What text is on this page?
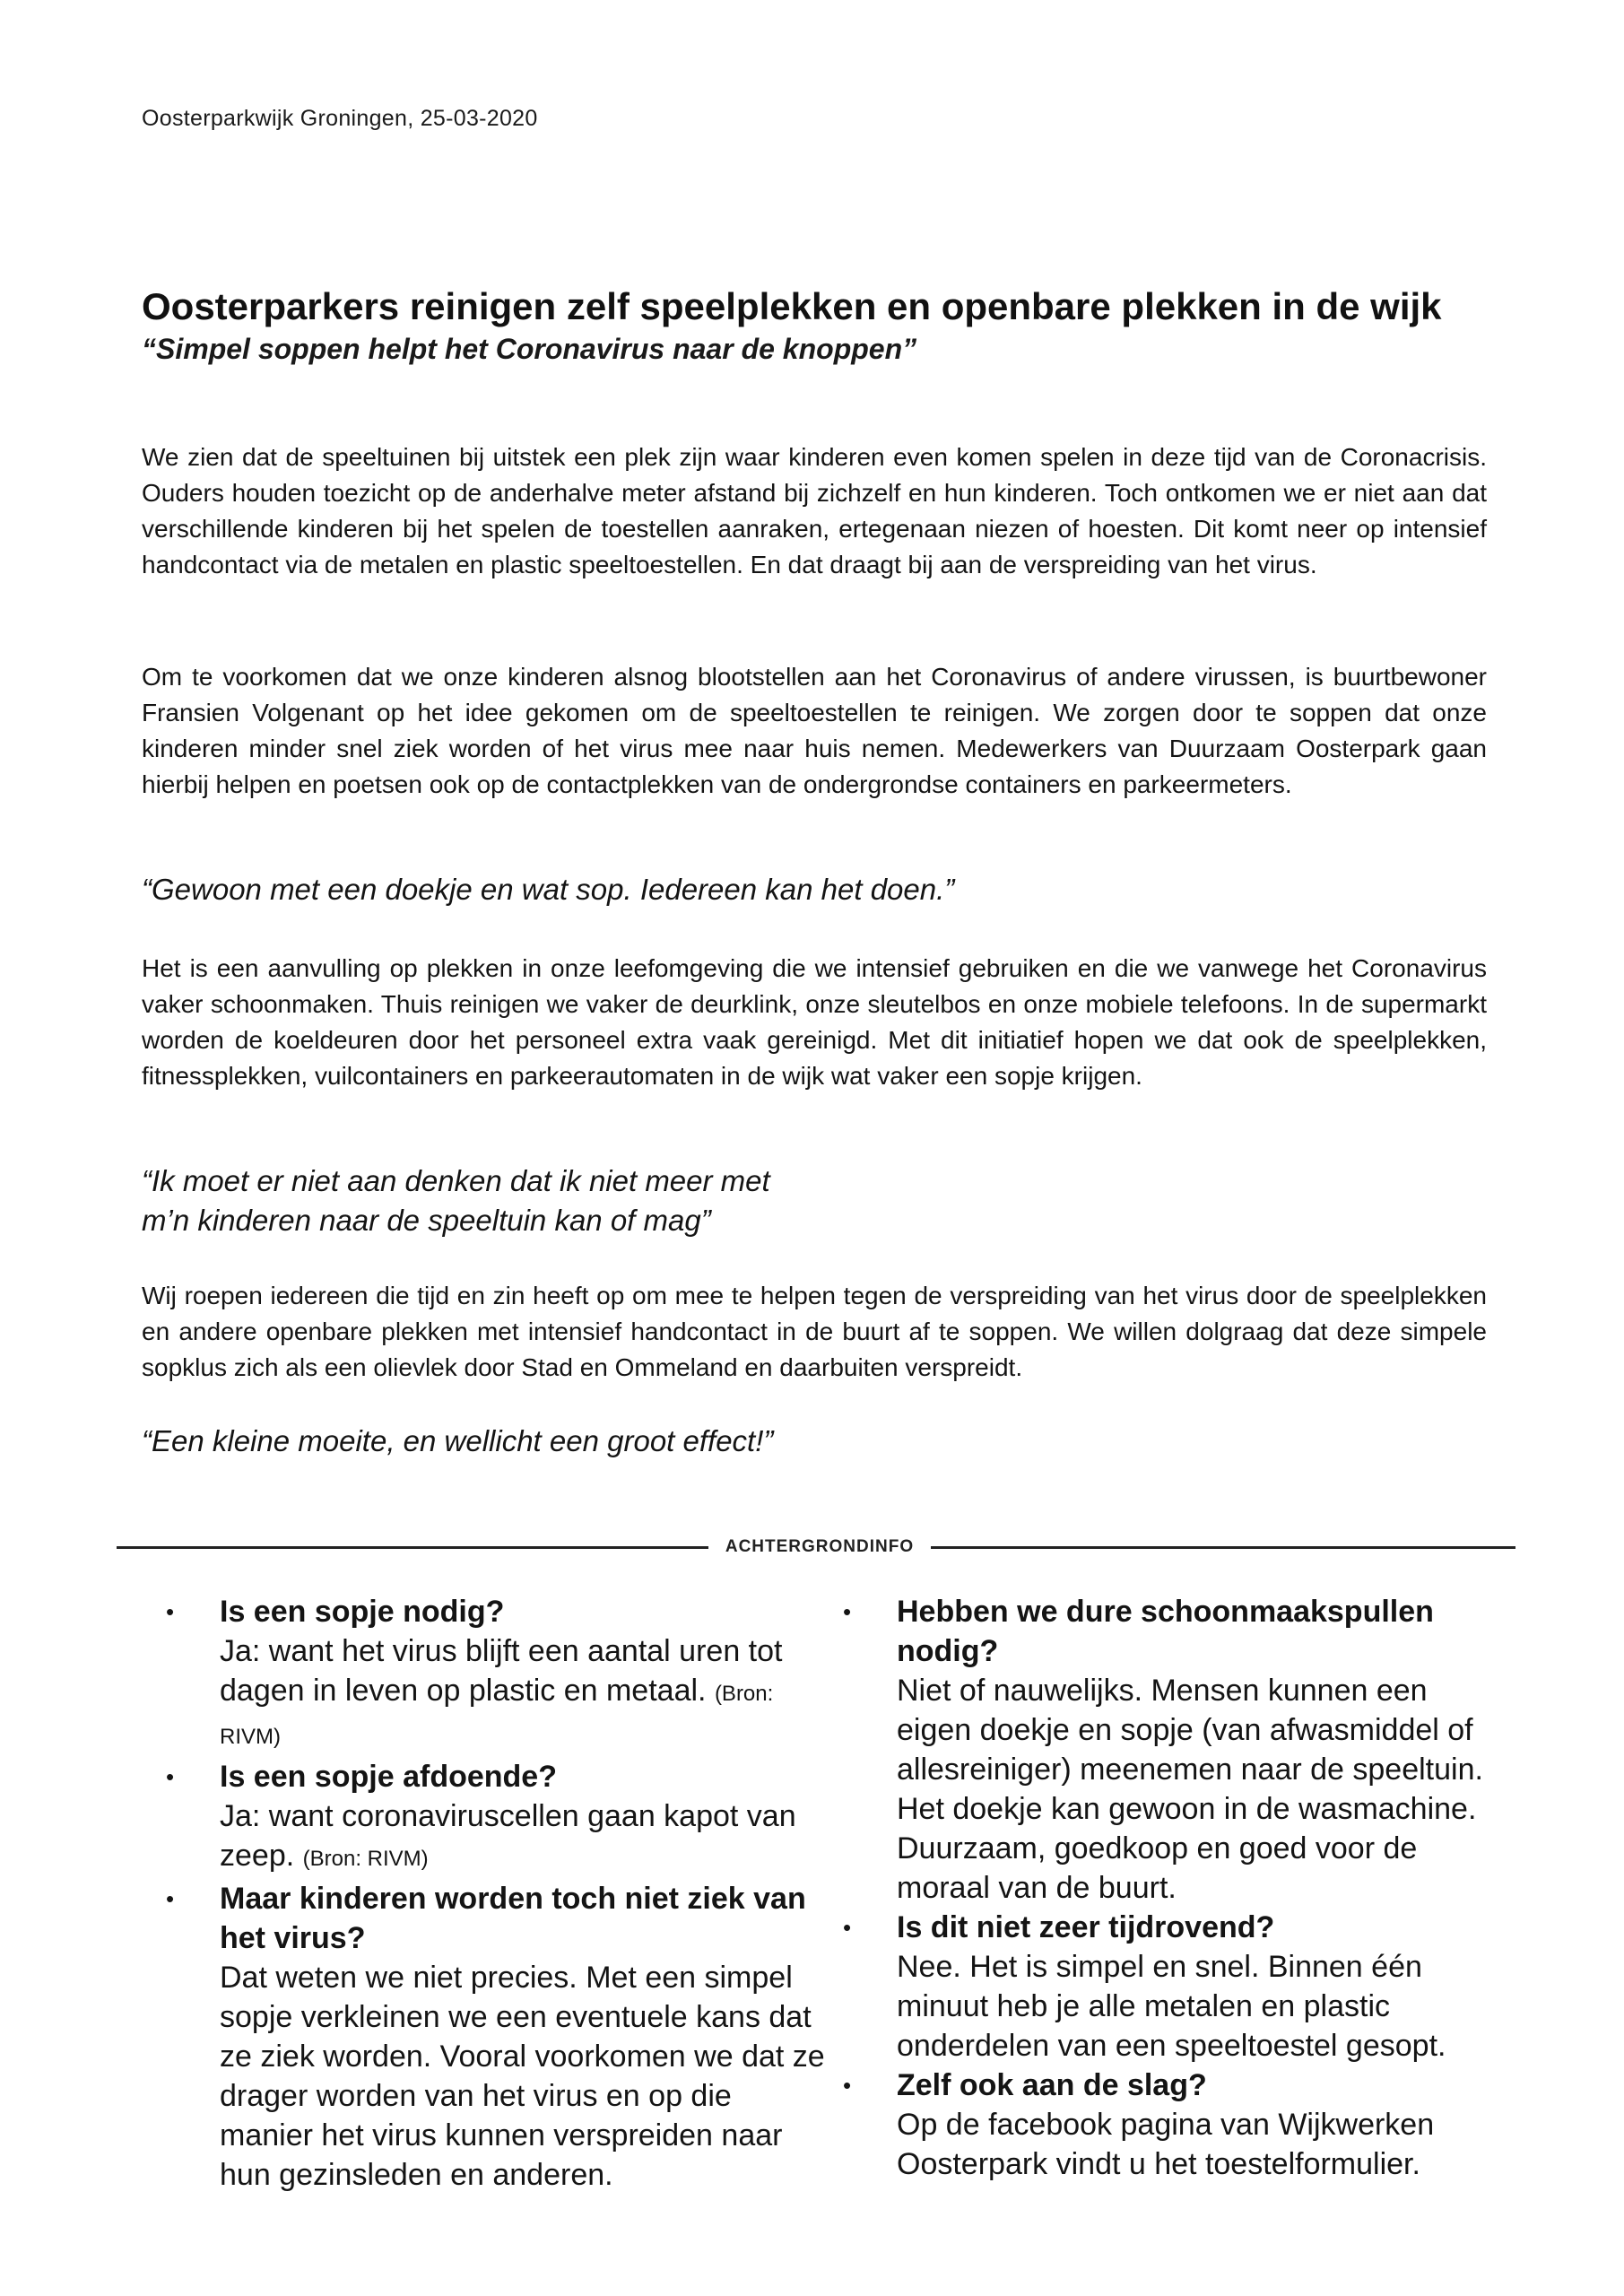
Oosterparkwijk Groningen, 25-03-2020
Oosterparkers reinigen zelf speelplekken en openbare plekken in de wijk
“Simpel soppen helpt het Coronavirus naar de knoppen”

We zien dat de speeltuinen bij uitstek een plek zijn waar kinderen even komen spelen in deze tijd van de Coronacrisis. Ouders houden toezicht op de anderhalve meter afstand bij zichzelf en hun kinderen. Toch ontkomen we er niet aan dat verschillende kinderen bij het spelen de toestellen aanraken, ertegenaan niezen of hoesten. Dit komt neer op intensief handcontact via de metalen en plastic speeltoestellen. En dat draagt bij aan de verspreiding van het virus.

Om te voorkomen dat we onze kinderen alsnog blootstellen aan het Coronavirus of andere virussen, is buurtbewoner Fransien Volgenant op het idee gekomen om de speeltoestellen te reinigen. We zorgen door te soppen dat onze kinderen minder snel ziek worden of het virus mee naar huis nemen. Medewerkers van Duurzaam Oosterpark gaan hierbij helpen en poetsen ook op de contactplekken van de ondergrondse containers en parkeermeters.

“Gewoon met een doekje en wat sop. Iedereen kan het doen.”

Het is een aanvulling op plekken in onze leefomgeving die we intensief gebruiken en die we vanwege het Coronavirus vaker schoonmaken. Thuis reinigen we vaker de deurklink, onze sleutelbos en onze mobiele telefoons. In de supermarkt worden de koeldeuren door het personeel extra vaak gereinigd. Met dit initiatief hopen we dat ook de speelplekken, fitnessplekken, vuilcontainers en parkeerautomaten in de wijk wat vaker een sopje krijgen.

“Ik moet er niet aan denken dat ik niet meer met
m’n kinderen naar de speeltuin kan of mag”

Wij roepen iedereen die tijd en zin heeft op om mee te helpen tegen de verspreiding van het virus door de speelplekken en andere openbare plekken met intensief handcontact in de buurt af te soppen. We willen dolgraag dat deze simpele sopklus zich als een olievlek door Stad en Ommeland en daarbuiten verspreidt.

“Een kleine moeite, en wellicht een groot effect!”

ACHTERGRONDINFO
•	Is een sopje nodig?
Ja: want het virus blijft een aantal uren tot dagen in leven op plastic en metaal. (Bron: RIVM)
•	Is een sopje afdoende?
Ja: want coronaviruscellen gaan kapot van zeep. (Bron: RIVM)
•	Maar kinderen worden toch niet ziek van het virus?
Dat weten we niet precies. Met een simpel sopje verkleinen we een eventuele kans dat ze ziek worden. Vooral voorkomen we dat ze drager worden van het virus en op die manier het virus kunnen verspreiden naar hun gezinsleden en anderen.
•	Hebben we dure schoonmaakspullen nodig?
Niet of nauwelijks. Mensen kunnen een eigen doekje en sopje (van afwasmiddel of allesreiniger) meenemen naar de speeltuin. Het doekje kan gewoon in de wasmachine. Duurzaam, goedkoop en goed voor de moraal van de buurt.
•	Is dit niet zeer tijdrovend?
Nee. Het is simpel en snel. Binnen één minuut heb je alle metalen en plastic onderdelen van een speeltoestel gesopt.
•	Zelf ook aan de slag?
Op de facebook pagina van Wijkwerken Oosterpark vindt u het toestelformulier.
